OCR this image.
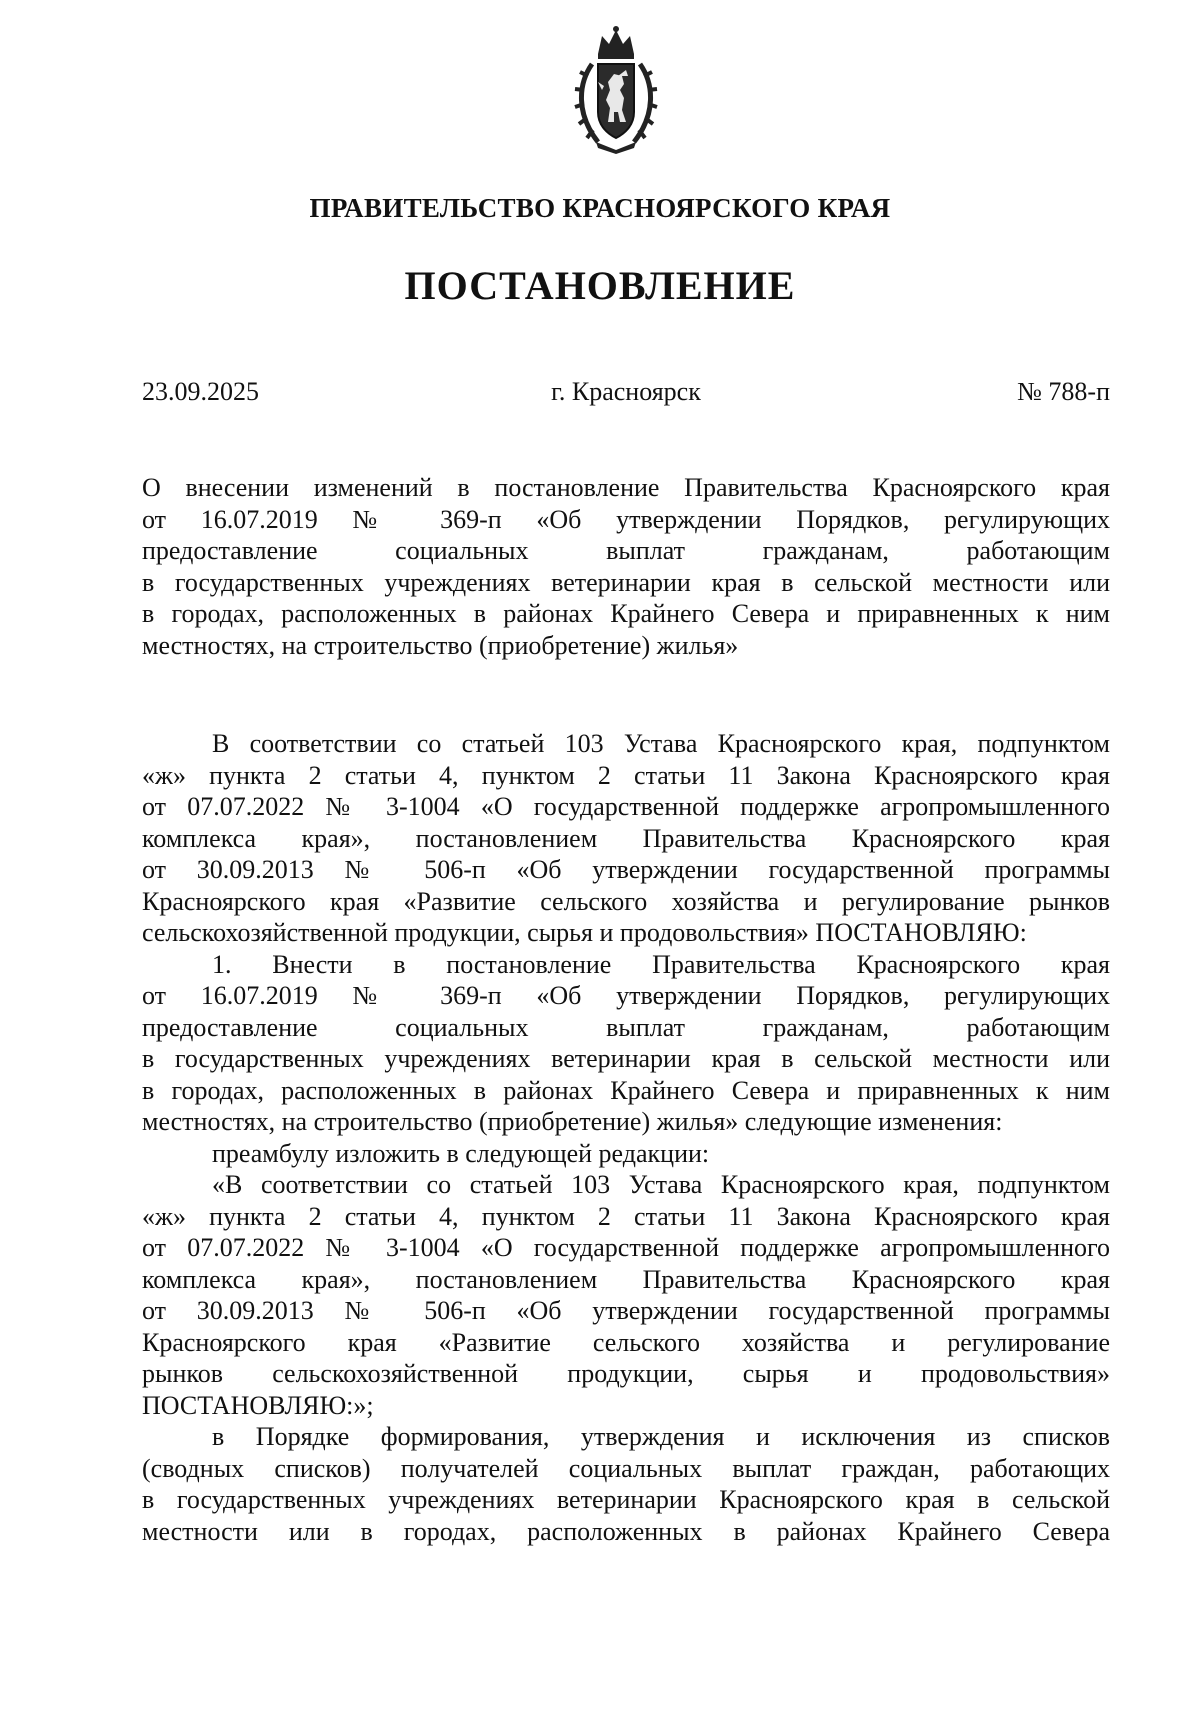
ПРАВИТЕЛЬСТВО КРАСНОЯРСКОГО КРАЯ
ПОСТАНОВЛЕНИЕ
23.09.2025	г. Красноярск	№ 788-п
О внесении изменений в постановление Правительства Красноярского края
от 16.07.2019 № 369-п «Об утверждении Порядков, регулирующих
предоставление социальных выплат гражданам, работающим
в государственных учреждениях ветеринарии края в сельской местности или
в городах, расположенных в районах Крайнего Севера и приравненных к ним
местностях, на строительство (приобретение) жилья»
В соответствии со статьей 103 Устава Красноярского края, подпунктом
«ж» пункта 2 статьи 4, пунктом 2 статьи 11 Закона Красноярского края
от 07.07.2022 № 3-1004 «О государственной поддержке агропромышленного
комплекса края», постановлением Правительства Красноярского края
от 30.09.2013 № 506-п «Об утверждении государственной программы
Красноярского края «Развитие сельского хозяйства и регулирование рынков
сельскохозяйственной продукции, сырья и продовольствия» ПОСТАНОВЛЯЮ:
1. Внести в постановление Правительства Красноярского края
от 16.07.2019 № 369-п «Об утверждении Порядков, регулирующих
предоставление социальных выплат гражданам, работающим
в государственных учреждениях ветеринарии края в сельской местности или
в городах, расположенных в районах Крайнего Севера и приравненных к ним
местностях, на строительство (приобретение) жилья» следующие изменения:
преамбулу изложить в следующей редакции:
«В соответствии со статьей 103 Устава Красноярского края, подпунктом
«ж» пункта 2 статьи 4, пунктом 2 статьи 11 Закона Красноярского края
от 07.07.2022 № 3-1004 «О государственной поддержке агропромышленного
комплекса края», постановлением Правительства Красноярского края
от 30.09.2013 № 506-п «Об утверждении государственной программы
Красноярского края «Развитие сельского хозяйства и регулирование
рынков сельскохозяйственной продукции, сырья и продовольствия»
ПОСТАНОВЛЯЮ:»;
в Порядке формирования, утверждения и исключения из списков
(сводных списков) получателей социальных выплат граждан, работающих
в государственных учреждениях ветеринарии Красноярского края в сельской
местности или в городах, расположенных в районах Крайнего Севера
